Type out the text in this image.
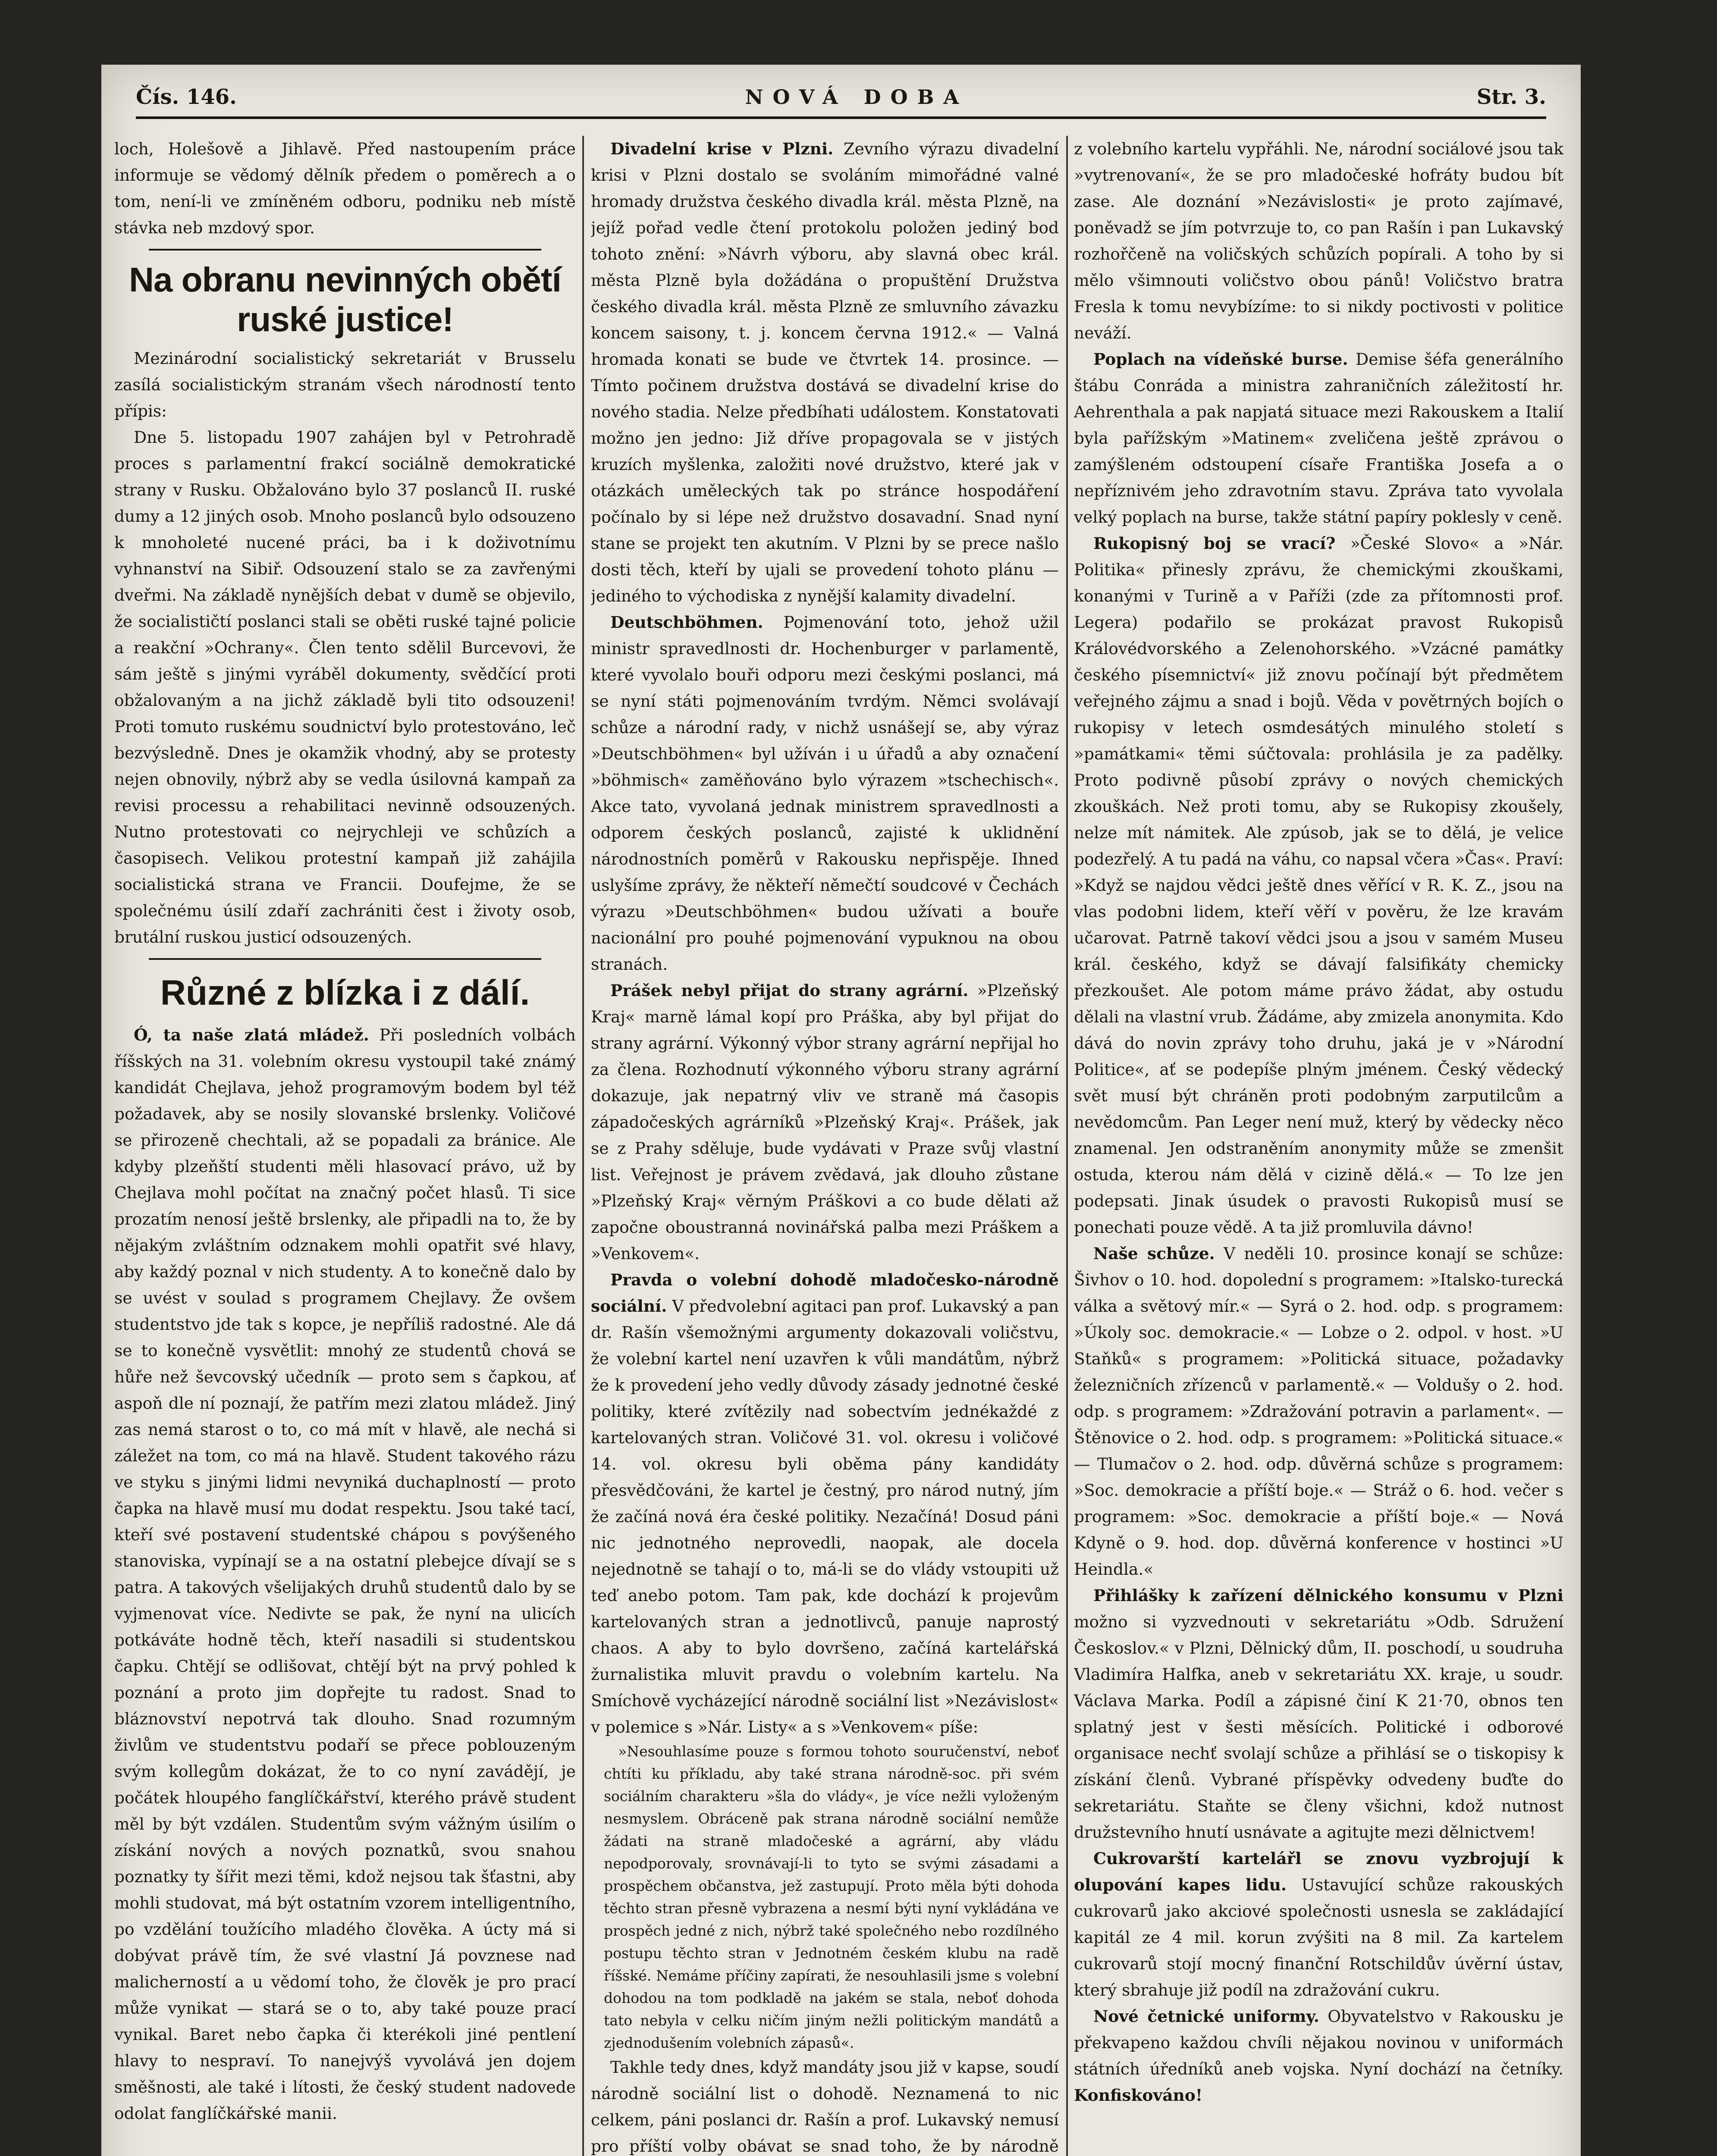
Čís. 146.	NOVÁ DOBA	Str. 3.

loch, Holešově a Jihlavě. Před nastoupením práce informuje se vědomý dělník předem o poměrech a o tom, není-li ve zmíněném odboru, podniku neb místě stávka neb mzdový spor.

Na obranu nevinných obětí ruské justice!

Mezinárodní socialistický sekretariát v Brusselu zasílá socialistickým stranám všech národností tento přípis:

Dne 5. listopadu 1907 zahájen byl v Petrohradě proces s parlamentní frakcí sociálně demokratické strany v Rusku. Obžalováno bylo 37 poslanců II. ruské dumy a 12 jiných osob. Mnoho poslanců bylo odsouzeno k mnoholeté nucené práci, ba i k doživotnímu vyhnanství na Sibiř. Odsouzení stalo se za zavřenými dveřmi. Na základě nynějších debat v dumě se objevilo, že socialističtí poslanci stali se oběti ruské tajné policie a reakční »Ochrany«. Člen tento sdělil Burcevovi, že sám ještě s jinými vyráběl dokumenty, svědčící proti obžalovaným a na jichž základě byli tito odsouzeni! Proti tomuto ruskému soudnictví bylo protestováno, leč bezvýsledně. Dnes je okamžik vhodný, aby se protesty nejen obnovily, nýbrž aby se vedla úsilovná kampaň za revisi processu a rehabilitaci nevinně odsouzených. Nutno protestovati co nejrychleji ve schůzích a časopisech. Velikou protestní kampaň již zahájila socialistická strana ve Francii. Doufejme, že se společnému úsilí zdaří zachrániti čest i životy osob, brutální ruskou justicí odsouzených.

Různé z blízka i z dálí.

Ó, ta naše zlatá mládež. Při posledních volbách říšských na 31. volebním okresu vystoupil také známý kandidát Chejlava, jehož programovým bodem byl též požadavek, aby se nosily slovanské brslenky. Voličové se přirozeně chechtali, až se popadali za bránice. Ale kdyby plzeňští studenti měli hlasovací právo, už by Chejlava mohl počítat na značný počet hlasů. Ti sice prozatím nenosí ještě brslenky, ale připadli na to, že by nějakým zvláštním odznakem mohli opatřit své hlavy, aby každý poznal v nich studenty. A to konečně dalo by se uvést v soulad s programem Chejlavy. Že ovšem studentstvo jde tak s kopce, je nepříliš radostné. Ale dá se to konečně vysvětlit: mnohý ze studentů chová se hůře než ševcovský učedník — proto sem s čapkou, ať aspoň dle ní poznají, že patřím mezi zlatou mládež. Jiný zas nemá starost o to, co má mít v hlavě, ale nechá si záležet na tom, co má na hlavě. Student takového rázu ve styku s jinými lidmi nevyniká duchaplností — proto čapka na hlavě musí mu dodat respektu. Jsou také tací, kteří své postavení studentské chápou s povýšeného stanoviska, vypínají se a na ostatní plebejce dívají se s patra. A takových všelijakých druhů studentů dalo by se vyjmenovat více. Nedivte se pak, že nyní na ulicích potkáváte hodně těch, kteří nasadili si studentskou čapku. Chtějí se odlišovat, chtějí být na prvý pohled k poznání a proto jim dopřejte tu radost. Snad to bláznovství nepotrvá tak dlouho. Snad rozumným živlům ve studentstvu podaří se přece poblouzeným svým kollegům dokázat, že to co nyní zavádějí, je počátek hloupého fanglíčkářství, kterého právě student měl by být vzdálen. Studentům svým vážným úsilím o získání nových a nových poznatků, svou snahou poznatky ty šířit mezi těmi, kdož nejsou tak šťastni, aby mohli studovat, má být ostatním vzorem intelligentního, po vzdělání toužícího mladého člověka. A úcty má si dobývat právě tím, že své vlastní Já povznese nad malicherností a u vědomí toho, že člověk je pro prací může vynikat — stará se o to, aby také pouze prací vynikal. Baret nebo čapka či kterékoli jiné pentlení hlavy to nespraví. To nanejvýš vyvolává jen dojem směšnosti, ale také i lítosti, že český student nadovede odolat fanglíčkářské manii.

Divadelní krise v Plzni. Zevního výrazu divadelní krisi v Plzni dostalo se svoláním mimořádné valné hromady družstva českého divadla král. města Plzně, na jejíž pořad vedle čtení protokolu položen jediný bod tohoto znění: »Návrh výboru, aby slavná obec král. města Plzně byla dožádána o propuštění Družstva českého divadla král. města Plzně ze smluvního závazku koncem saisony, t. j. koncem června 1912.« — Valná hromada konati se bude ve čtvrtek 14. prosince. — Tímto počinem družstva dostává se divadelní krise do nového stadia. Nelze předbíhati událostem. Konstatovati možno jen jedno: Již dříve propagovala se v jistých kruzích myšlenka, založiti nové družstvo, které jak v otázkách uměleckých tak po stránce hospodáření počínalo by si lépe než družstvo dosavadní. Snad nyní stane se projekt ten akutním. V Plzni by se prece našlo dosti těch, kteří by ujali se provedení tohoto plánu — jediného to východiska z nynější kalamity divadelní.

Deutschböhmen. Pojmenování toto, jehož užil ministr spravedlnosti dr. Hochenburger v parlamentě, které vyvolalo bouři odporu mezi českými poslanci, má se nyní státi pojmenováním tvrdým. Němci svolávají schůze a národní rady, v nichž usnášejí se, aby výraz »Deutschböhmen« byl užíván i u úřadů a aby označení »böhmisch« zaměňováno bylo výrazem »tschechisch«. Akce tato, vyvolaná jednak ministrem spravedlnosti a odporem českých poslanců, zajisté k uklidnění národnostních poměrů v Rakousku nepřispěje. Ihned uslyšíme zprávy, že někteří němečtí soudcové v Čechách výrazu »Deutschböhmen« budou užívati a bouře nacionální pro pouhé pojmenování vypuknou na obou stranách.

Prášek nebyl přijat do strany agrární. »Plzeňský Kraj« marně lámal kopí pro Práška, aby byl přijat do strany agrární. Výkonný výbor strany agrární nepřijal ho za člena. Rozhodnutí výkonného výboru strany agrární dokazuje, jak nepatrný vliv ve straně má časopis západočeských agrárníků »Plzeňský Kraj«. Prášek, jak se z Prahy sděluje, bude vydávati v Praze svůj vlastní list. Veřejnost je právem zvědavá, jak dlouho zůstane »Plzeňský Kraj« věrným Práškovi a co bude dělati až započne oboustranná novinářská palba mezi Práškem a »Venkovem«.

Pravda o volební dohodě mladočesko-národně sociální. V předvolební agitaci pan prof. Lukavský a pan dr. Rašín všemožnými argumenty dokazovali voličstvu, že volební kartel není uzavřen k vůli mandátům, nýbrž že k provedení jeho vedly důvody zásady jednotné české politiky, které zvítězily nad sobectvím jednékaždé z kartelovaných stran. Voličové 31. vol. okresu i voličové 14. vol. okresu byli oběma pány kandidáty přesvědčováni, že kartel je čestný, pro národ nutný, jím že začíná nová éra české politiky. Nezačíná! Dosud páni nic jednotného neprovedli, naopak, ale docela nejednotně se tahají o to, má-li se do vlády vstoupiti už teď anebo potom. Tam pak, kde dochází k projevům kartelovaných stran a jednotlivců, panuje naprostý chaos. A aby to bylo dovršeno, začíná kartelářská žurnalistika mluvit pravdu o volebním kartelu. Na Smíchově vycházející národně sociální list »Nezávislost« v polemice s »Nár. Listy« a s »Venkovem« píše:

»Nesouhlasíme pouze s formou tohoto souručenství, neboť chtíti ku příkladu, aby také strana národně-soc. při svém sociálním charakteru »šla do vlády«, je více nežli vyloženým nesmyslem. Obráceně pak strana národně sociální nemůže žádati na straně mladočeské a agrární, aby vládu nepodporovaly, srovnávají-li to tyto se svými zásadami a prospěchem občanstva, jež zastupují. Proto měla býti dohoda těchto stran přesně vybrazena a nesmí býti nyní vykládána ve prospěch jedné z nich, nýbrž také společného nebo rozdílného postupu těchto stran v Jednotném českém klubu na radě říšské. Nemáme příčiny zapírati, že nesouhlasili jsme s volební dohodou na tom podkladě na jakém se stala, neboť dohoda tato nebyla v celku ničím jiným nežli politickým mandátů a zjednodušením volebních zápasů«.

Takhle tedy dnes, když mandáty jsou již v kapse, soudí národně sociální list o dohodě. Neznamená to nic celkem, páni poslanci dr. Rašín a prof. Lukavský nemusí pro příští volby obávat se snad toho, že by národně

z volebního kartelu vypřáhli. Ne, národní sociálové jsou tak »vytrenovaní«, že se pro mladočeské hofráty budou bít zase. Ale doznání »Nezávislosti« je proto zajímavé, poněvadž se jím potvrzuje to, co pan Rašín i pan Lukavský rozhořčeně na voličských schůzích popírali. A toho by si mělo všimnouti voličstvo obou pánů! Voličstvo bratra Fresla k tomu nevybízíme: to si nikdy poctivosti v politice neváží.

Poplach na vídeňské burse. Demise šéfa generálního štábu Conráda a ministra zahraničních záležitostí hr. Aehrenthala a pak napjatá situace mezi Rakouskem a Italií byla pařížským »Matinem« zveličena ještě zprávou o zamýšleném odstoupení císaře Františka Josefa a o nepříznivém jeho zdravotním stavu. Zpráva tato vyvolala velký poplach na burse, takže státní papíry poklesly v ceně.

Rukopisný boj se vrací? »České Slovo« a »Nár. Politika« přinesly zprávu, že chemickými zkouškami, konanými v Turině a v Paříži (zde za přítomnosti prof. Legera) podařilo se prokázat pravost Rukopisů Královédvorského a Zelenohorského. »Vzácné památky českého písemnictví« již znovu počínají být předmětem veřejného zájmu a snad i bojů. Věda v povětrných bojích o rukopisy v letech osmdesátých minulého století s »památkami« těmi súčtovala: prohlásila je za padělky. Proto podivně působí zprávy o nových chemických zkouškách. Než proti tomu, aby se Rukopisy zkoušely, nelze mít námitek. Ale zpúsob, jak se to dělá, je velice podezřelý. A tu padá na váhu, co napsal včera »Čas«. Praví: »Když se najdou vědci ještě dnes věřící v R. K. Z., jsou na vlas podobni lidem, kteří věří v pověru, že lze kravám učarovat. Patrně takoví vědci jsou a jsou v samém Museu král. českého, když se dávají falsifikáty chemicky přezkoušet. Ale potom máme právo žádat, aby ostudu dělali na vlastní vrub. Žádáme, aby zmizela anonymita. Kdo dává do novin zprávy toho druhu, jaká je v »Národní Politice«, ať se podepíše plným jménem. Český vědecký svět musí být chráněn proti podobným zarputilcům a nevědomcům. Pan Leger není muž, který by vědecky něco znamenal. Jen odstraněním anonymity může se zmenšit ostuda, kterou nám dělá v cizině dělá.« — To lze jen podepsati. Jinak úsudek o pravosti Rukopisů musí se ponechati pouze vědě. A ta již promluvila dávno!

Naše schůze. V neděli 10. prosince konají se schůze: Šivhov o 10. hod. dopolední s programem: »Italsko-turecká válka a světový mír.« — Syrá o 2. hod. odp. s programem: »Úkoly soc. demokracie.« — Lobze o 2. odpol. v host. »U Staňků« s programem: »Politická situace, požadavky železničních zřízenců v parlamentě.« — Voldušy o 2. hod. odp. s programem: »Zdražování potravin a parlament«. — Štěnovice o 2. hod. odp. s programem: »Politická situace.« — Tlumačov o 2. hod. odp. důvěrná schůze s programem: »Soc. demokracie a příští boje.« — Stráž o 6. hod. večer s programem: »Soc. demokracie a příští boje.« — Nová Kdyně o 9. hod. dop. důvěrná konference v hostinci »U Heindla.«

Přihlášky k zařízení dělnického konsumu v Plzni možno si vyzvednouti v sekretariátu »Odb. Sdružení Českoslov.« v Plzni, Dělnický dům, II. poschodí, u soudruha Vladimíra Halfka, aneb v sekretariátu XX. kraje, u soudr. Václava Marka. Podíl a zápisné činí K 21·70, obnos ten splatný jest v šesti měsících. Politické i odborové organisace nechť svolají schůze a přihlásí se o tiskopisy k získání členů. Vybrané příspěvky odvedeny buďte do sekretariátu. Staňte se členy všichni, kdož nutnost družstevního hnutí usnávate a agitujte mezi dělnictvem!

Cukrovarští kartelářl se znovu vyzbrojují k olupování kapes lidu. Ustavující schůze rakouských cukrovarů jako akciové společnosti usnesla se zakládající kapitál ze 4 mil. korun zvýšiti na 8 mil. Za kartelem cukrovarů stojí mocný finanční Rotschildův úvěrní ústav, který sbrahuje již podíl na zdražování cukru.

Nové četnické uniformy. Obyvatelstvo v Rakousku je překvapeno každou chvíli nějakou novinou v uniformách státních úředníků aneb vojska. Nyní dochází na četníky. Konfiskováno!
